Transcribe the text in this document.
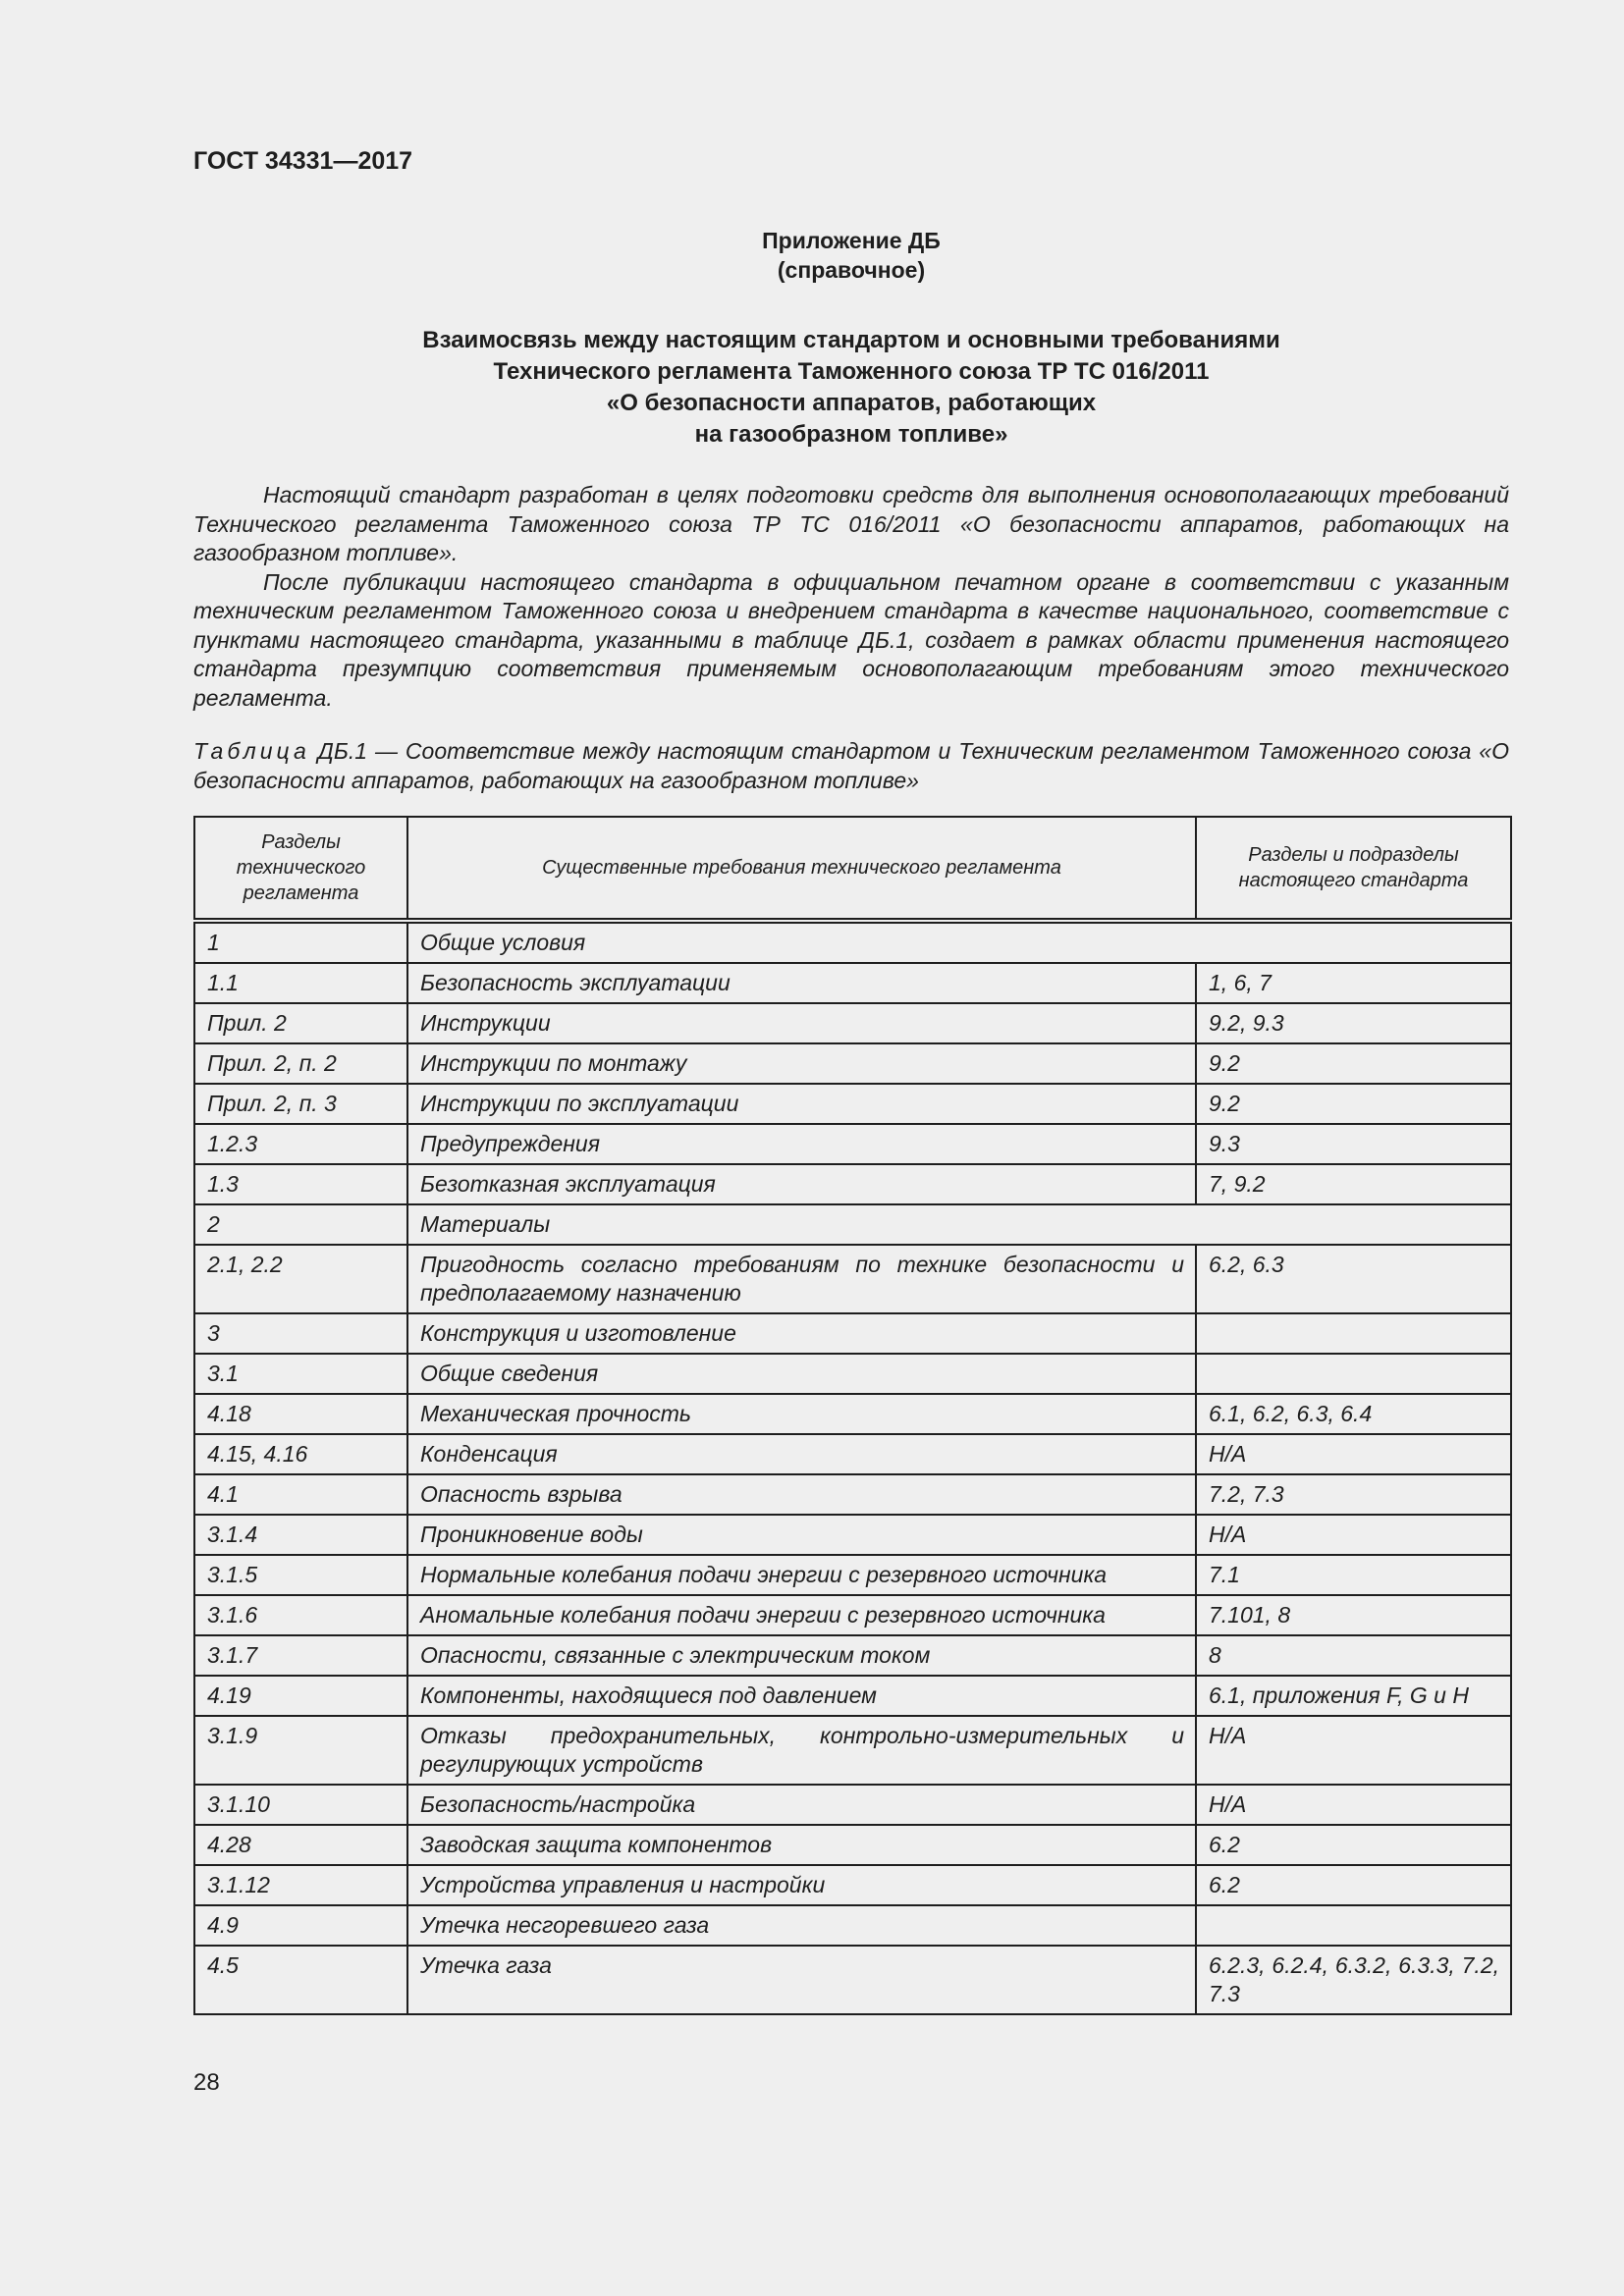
ГОСТ 34331—2017
Приложение ДБ
(справочное)
Взаимосвязь между настоящим стандартом и основными требованиями
Технического регламента Таможенного союза ТР ТС 016/2011
«О безопасности аппаратов, работающих
на газообразном топливе»

Настоящий стандарт разработан в целях подготовки средств для выполнения основополагающих требований Технического регламента Таможенного союза ТР ТС 016/2011 «О безопасности аппаратов, работающих на газообразном топливе».

После публикации настоящего стандарта в официальном печатном органе в соответствии с указанным техническим регламентом Таможенного союза и внедрением стандарта в качестве национального, соответствие с пунктами настоящего стандарта, указанными в таблице ДБ.1, создает в рамках области применения настоящего стандарта презумпцию соответствия применяемым основополагающим требованиям этого технического регламента.

Таблица ДБ.1 — Соответствие между настоящим стандартом и Техническим регламентом Таможенного союза «О безопасности аппаратов, работающих на газообразном топливе»
Разделы технического регламента	Существенные требования технического регламента	Разделы и подразделы настоящего стандарта
1	Общие условия	
1.1	Безопасность эксплуатации	1, 6, 7
Прил. 2	Инструкции	9.2, 9.3
Прил. 2, п. 2	Инструкции по монтажу	9.2
Прил. 2, п. 3	Инструкции по эксплуатации	9.2
1.2.3	Предупреждения	9.3
1.3	Безотказная эксплуатация	7, 9.2
2	Материалы	
2.1, 2.2	Пригодность согласно требованиям по технике безопасности и предполагаемому назначению	6.2, 6.3
3	Конструкция и изготовление	
3.1	Общие сведения	
4.18	Механическая прочность	6.1, 6.2, 6.3, 6.4
4.15, 4.16	Конденсация	Н/А
4.1	Опасность взрыва	7.2, 7.3
3.1.4	Проникновение воды	Н/А
3.1.5	Нормальные колебания подачи энергии с резервного источника	7.1
3.1.6	Аномальные колебания подачи энергии с резервного источника	7.101, 8
3.1.7	Опасности, связанные с электрическим током	8
4.19	Компоненты, находящиеся под давлением	6.1, приложения F, G и H
3.1.9	Отказы предохранительных, контрольно-измерительных и регулирующих устройств	Н/А
3.1.10	Безопасность/настройка	Н/А
4.28	Заводская защита компонентов	6.2
3.1.12	Устройства управления и настройки	6.2
4.9	Утечка несгоревшего газа	
4.5	Утечка газа	6.2.3, 6.2.4, 6.3.2, 6.3.3, 7.2, 7.3
28
